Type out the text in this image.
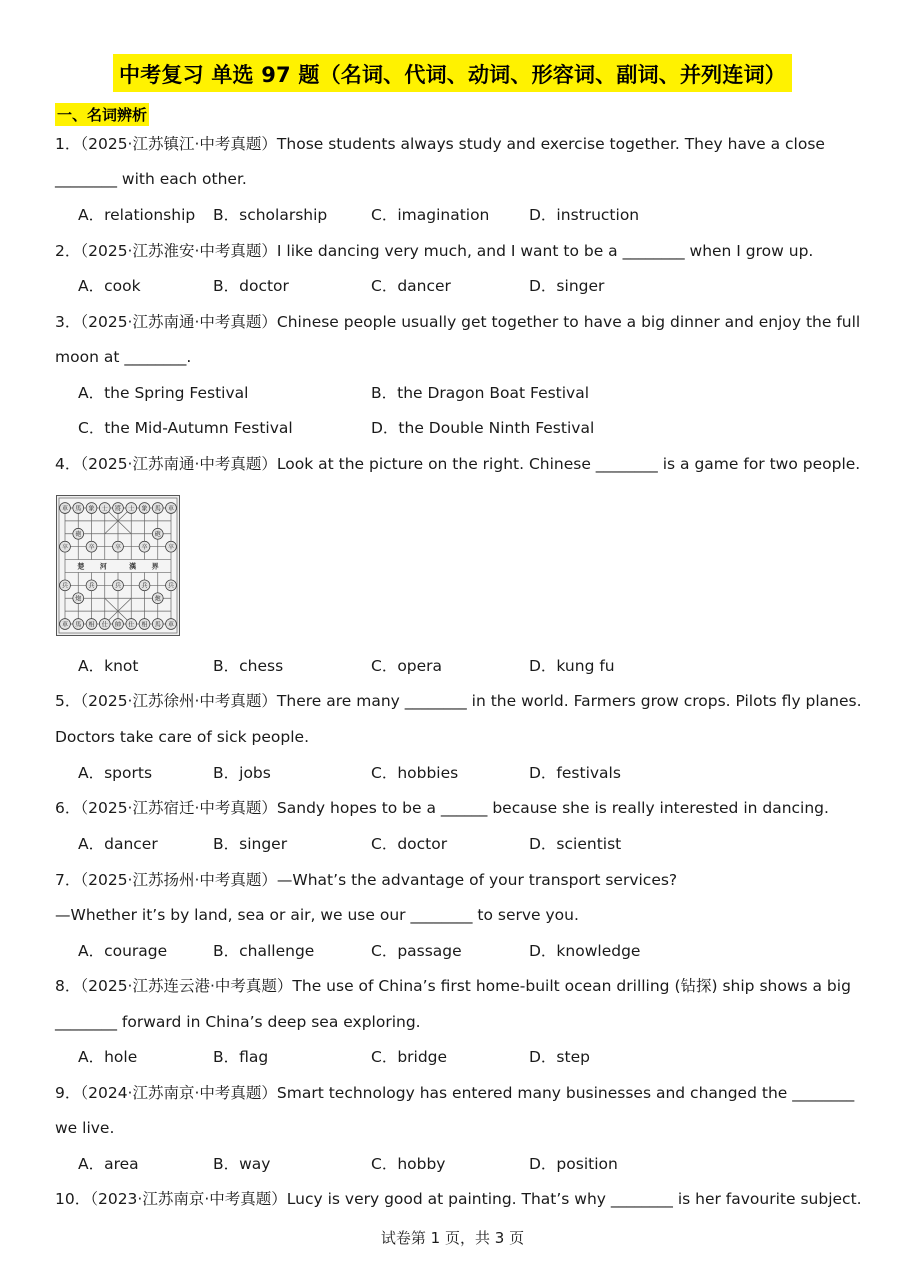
中考复习 单选 97 题（名词、代词、动词、形容词、副词、并列连词）
一、名词辨析
1．（2025·江苏镇江·中考真题）Those students always study and exercise together. They have a close
________ with each other.
A．relationship B．scholarship	C．imagination	D．instruction
2．（2025·江苏淮安·中考真题）I like dancing very much, and I want to be a ________ when I grow up.
A．cook	B．doctor	C．dancer	D．singer
3．（2025·江苏南通·中考真题）Chinese people usually get together to have a big dinner and enjoy the full
moon at ________.
A．the Spring Festival	B．the Dragon Boat Festival
C．the Mid-Autumn Festival	D．the Double Ninth Festival
4．（2025·江苏南通·中考真题）Look at the picture on the right. Chinese ________ is a game for two people.
車 馬 象 士 將 士 象 馬 車
車 馬 相 仕 帥 仕 相 馬 車
砲	砲
炮	炮
卒	卒	卒	卒	卒
兵	兵	兵	兵	兵
楚 河	漢 界
A．knot	B．chess	C．opera	D．kung fu
5．（2025·江苏徐州·中考真题）There are many ________ in the world. Farmers grow crops. Pilots fly planes.
Doctors take care of sick people.
A．sports	B．jobs	C．hobbies	D．festivals
6．（2025·江苏宿迁·中考真题）Sandy hopes to be a ______ because she is really interested in dancing.
A．dancer	B．singer	C．doctor	D．scientist
7．（2025·江苏扬州·中考真题）—What’s the advantage of your transport services?
—Whether it’s by land, sea or air, we use our ________ to serve you.
A．courage	B．challenge	C．passage	D．knowledge
8．（2025·江苏连云港·中考真题）The use of China’s first home-built ocean drilling (钻探) ship shows a big
________ forward in China’s deep sea exploring.
A．hole	B．flag	C．bridge	D．step
9．（2024·江苏南京·中考真题）Smart technology has entered many businesses and changed the ________
we live.
A．area	B．way	C．hobby	D．position
10．（2023·江苏南京·中考真题）Lucy is very good at painting. That’s why ________ is her favourite subject.
试卷第 1 页，共 3 页
